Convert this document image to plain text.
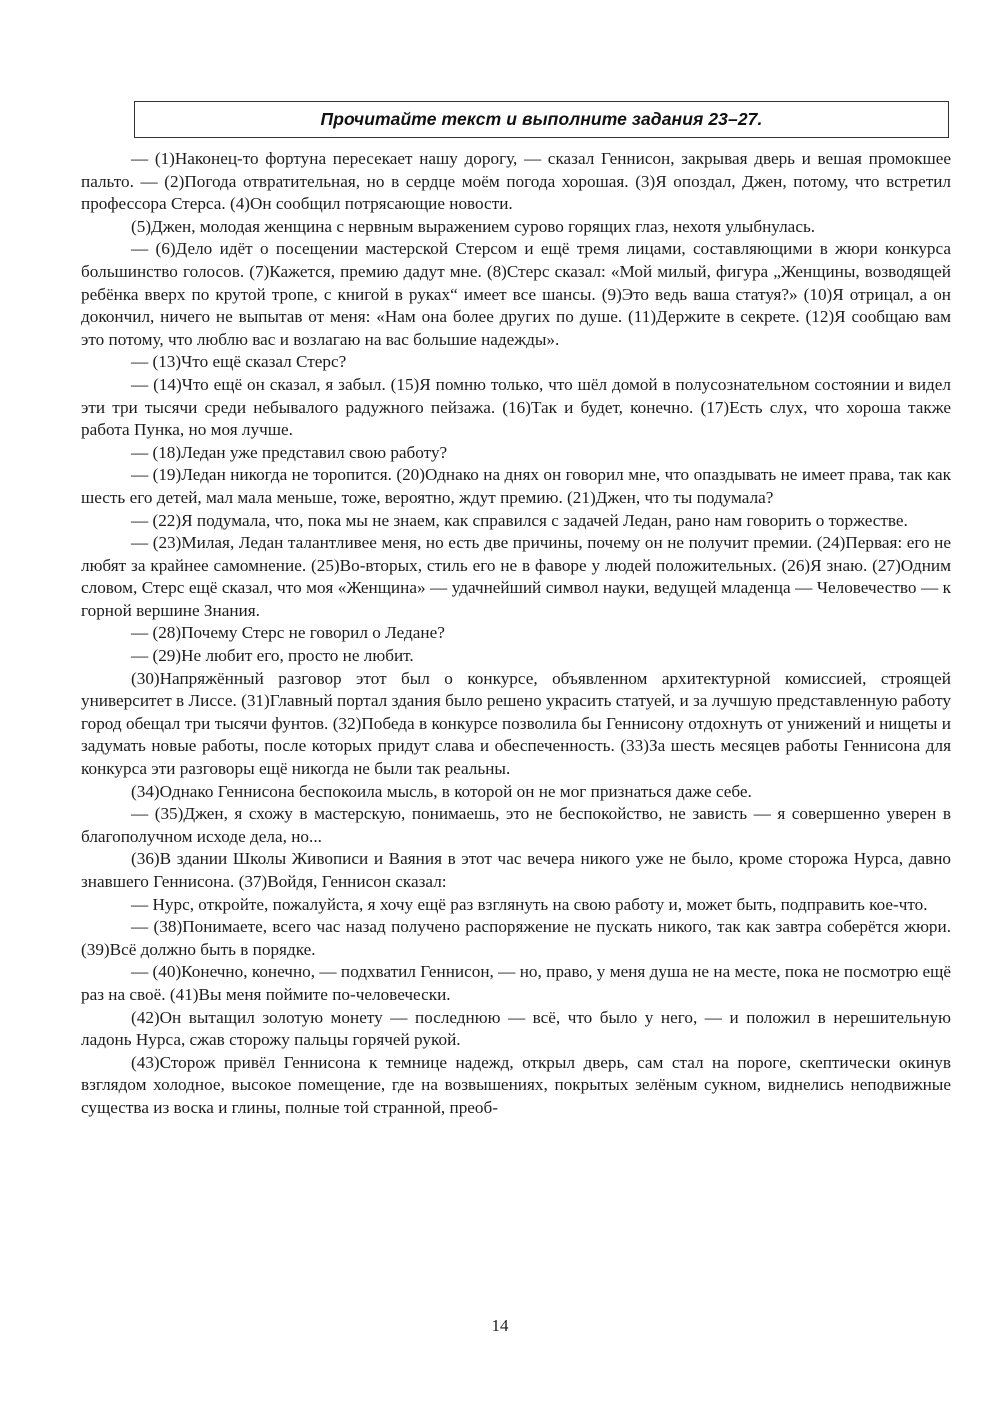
Прочитайте текст и выполните задания 23–27.

— (1)Наконец-то фортуна пересекает нашу дорогу, — сказал Геннисон, закрывая дверь и вешая промокшее пальто. — (2)Погода отвратительная, но в сердце моём погода хорошая. (3)Я опоздал, Джен, потому, что встретил профессора Стерса. (4)Он сообщил потрясающие новости.

(5)Джен, молодая женщина с нервным выражением сурово горящих глаз, нехотя улыбнулась.

— (6)Дело идёт о посещении мастерской Стерсом и ещё тремя лицами, составляющими в жюри конкурса большинство голосов. (7)Кажется, премию дадут мне. (8)Стерс сказал: «Мой милый, фигура „Женщины, возводящей ребёнка вверх по крутой тропе, с книгой в руках“ имеет все шансы. (9)Это ведь ваша статуя?» (10)Я отрицал, а он докончил, ничего не выпытав от меня: «Нам она более других по душе. (11)Держите в секрете. (12)Я сообщаю вам это потому, что люблю вас и возлагаю на вас большие надежды».

— (13)Что ещё сказал Стерс?

— (14)Что ещё он сказал, я забыл. (15)Я помню только, что шёл домой в полусознательном состоянии и видел эти три тысячи среди небывалого радужного пейзажа. (16)Так и будет, конечно. (17)Есть слух, что хороша также работа Пунка, но моя лучше.

— (18)Ледан уже представил свою работу?

— (19)Ледан никогда не торопится. (20)Однако на днях он говорил мне, что опаздывать не имеет права, так как шесть его детей, мал мала меньше, тоже, вероятно, ждут премию. (21)Джен, что ты подумала?

— (22)Я подумала, что, пока мы не знаем, как справился с задачей Ледан, рано нам говорить о торжестве.

— (23)Милая, Ледан талантливее меня, но есть две причины, почему он не получит премии. (24)Первая: его не любят за крайнее самомнение. (25)Во-вторых, стиль его не в фаворе у людей положительных. (26)Я знаю. (27)Одним словом, Стерс ещё сказал, что моя «Женщина» — удачнейший символ науки, ведущей младенца — Человечество — к горной вершине Знания.

— (28)Почему Стерс не говорил о Ледане?

— (29)Не любит его, просто не любит.

(30)Напряжённый разговор этот был о конкурсе, объявленном архитектурной комиссией, строящей университет в Лиссе. (31)Главный портал здания было решено украсить статуей, и за лучшую представленную работу город обещал три тысячи фунтов. (32)Победа в конкурсе позволила бы Геннисону отдохнуть от унижений и нищеты и задумать новые работы, после которых придут слава и обеспеченность. (33)За шесть месяцев работы Геннисона для конкурса эти разговоры ещё никогда не были так реальны.

(34)Однако Геннисона беспокоила мысль, в которой он не мог признаться даже себе.

— (35)Джен, я схожу в мастерскую, понимаешь, это не беспокойство, не зависть — я совершенно уверен в благополучном исходе дела, но...

(36)В здании Школы Живописи и Ваяния в этот час вечера никого уже не было, кроме сторожа Нурса, давно знавшего Геннисона. (37)Войдя, Геннисон сказал:

— Нурс, откройте, пожалуйста, я хочу ещё раз взглянуть на свою работу и, может быть, подправить кое-что.

— (38)Понимаете, всего час назад получено распоряжение не пускать никого, так как завтра соберётся жюри. (39)Всё должно быть в порядке.

— (40)Конечно, конечно, — подхватил Геннисон, — но, право, у меня душа не на месте, пока не посмотрю ещё раз на своё. (41)Вы меня поймите по-человечески.

(42)Он вытащил золотую монету — последнюю — всё, что было у него, — и положил в нерешительную ладонь Нурса, сжав сторожу пальцы горячей рукой.

(43)Сторож привёл Геннисона к темнице надежд, открыл дверь, сам стал на пороге, скептически окинув взглядом холодное, высокое помещение, где на возвышениях, покрытых зелёным сукном, виднелись неподвижные существа из воска и глины, полные той странной, преоб-

14
